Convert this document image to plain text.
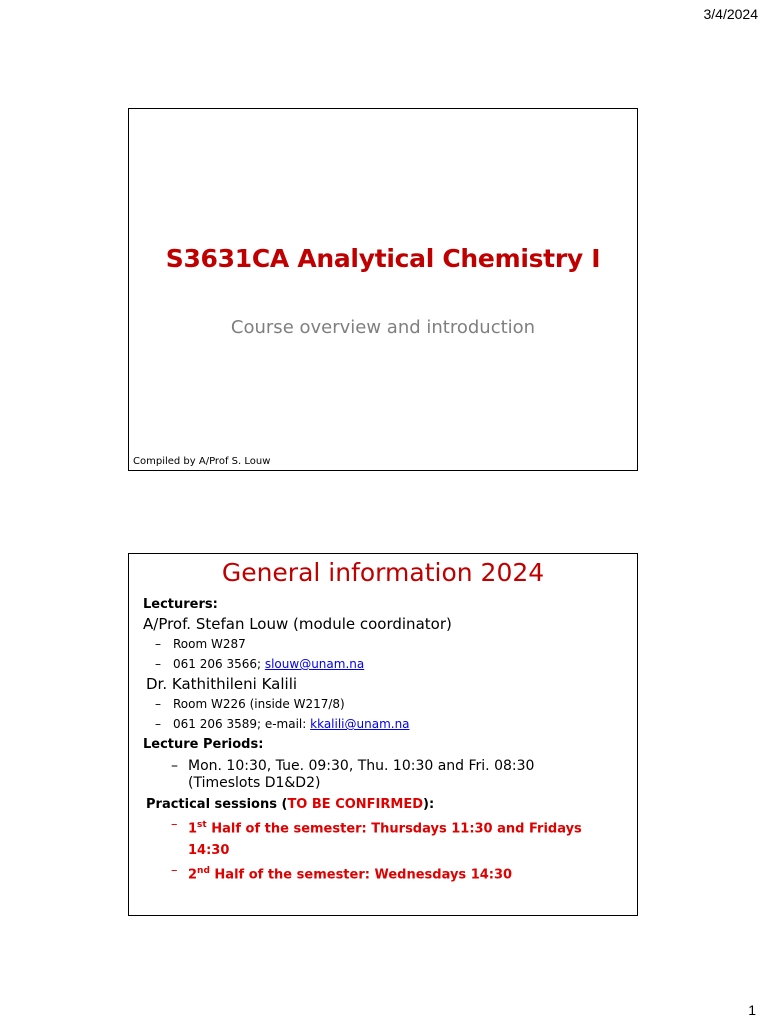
3/4/2024
S3631CA Analytical Chemistry I
Course overview and introduction
Compiled by A/Prof S. Louw
General information 2024
Lecturers:
A/Prof. Stefan Louw (module coordinator)
– Room W287
– 061 206 3566; slouw@unam.na
Dr. Kathithileni Kalili
– Room W226 (inside W217/8)
– 061 206 3589; e-mail: kkalili@unam.na
Lecture Periods:
– Mon. 10:30, Tue. 09:30, Thu. 10:30 and Fri. 08:30
(Timeslots D1&D2)
Practical sessions (TO BE CONFIRMED):
– 1st Half of the semester: Thursdays 11:30 and Fridays 14:30
– 2nd Half of the semester: Wednesdays 14:30
1
